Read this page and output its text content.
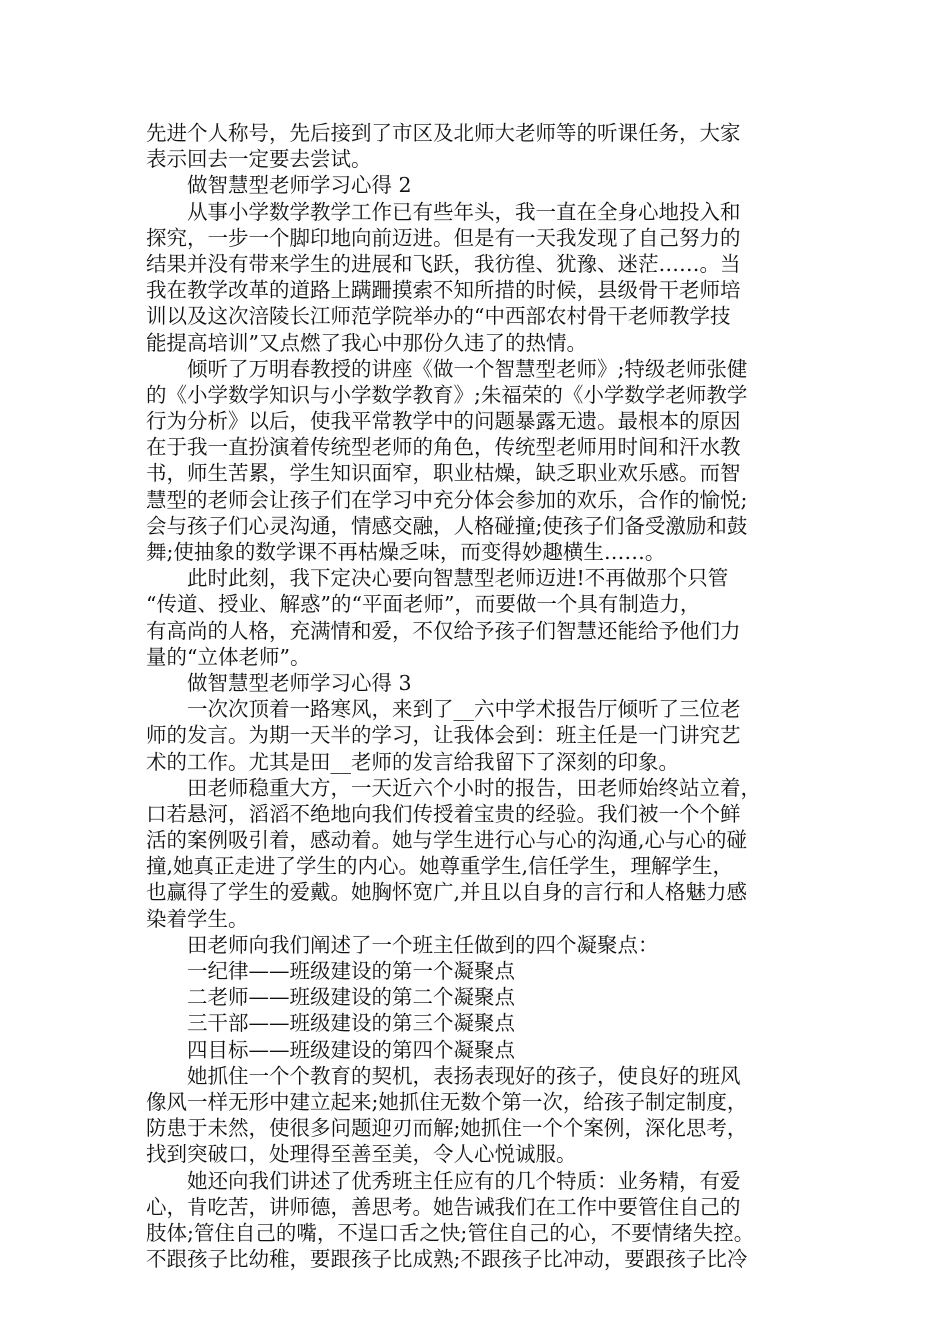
先进个人称号，先后接到了市区及北师大老师等的听课任务，大家
表示回去一定要去尝试。
做智慧型老师学习心得 2
从事小学数学教学工作已有些年头，我一直在全身心地投入和
探究，一步一个脚印地向前迈进。但是有一天我发现了自己努力的
结果并没有带来学生的进展和飞跃，我彷徨、犹豫、迷茫……。当
我在教学改革的道路上蹒跚摸索不知所措的时候，县级骨干老师培
训以及这次涪陵长江师范学院举办的“中西部农村骨干老师教学技
能提高培训”又点燃了我心中那份久违了的热情。
倾听了万明春教授的讲座《做一个智慧型老师》;特级老师张健
的《小学数学知识与小学数学教育》;朱福荣的《小学数学老师教学
行为分析》以后，使我平常教学中的问题暴露无遗。最根本的原因
在于我一直扮演着传统型老师的角色，传统型老师用时间和汗水教
书，师生苦累，学生知识面窄，职业枯燥，缺乏职业欢乐感。而智
慧型的老师会让孩子们在学习中充分体会参加的欢乐，合作的愉悦;
会与孩子们心灵沟通，情感交融，人格碰撞;使孩子们备受激励和鼓
舞;使抽象的数学课不再枯燥乏味，而变得妙趣横生……。
此时此刻，我下定决心要向智慧型老师迈进!不再做那个只管
“传道、授业、解惑”的“平面老师”，而要做一个具有制造力，
有高尚的人格，充满情和爱，不仅给予孩子们智慧还能给予他们力
量的“立体老师”。
做智慧型老师学习心得 3
一次次顶着一路寒风，来到了__六中学术报告厅倾听了三位老
师的发言。为期一天半的学习，让我体会到：班主任是一门讲究艺
术的工作。尤其是田__老师的发言给我留下了深刻的印象。
田老师稳重大方，一天近六个小时的报告，田老师始终站立着，
口若悬河，滔滔不绝地向我们传授着宝贵的经验。我们被一个个鲜
活的案例吸引着，感动着。她与学生进行心与心的沟通,心与心的碰
撞,她真正走进了学生的内心。她尊重学生,信任学生，理解学生，
也赢得了学生的爱戴。她胸怀宽广,并且以自身的言行和人格魅力感
染着学生。
田老师向我们阐述了一个班主任做到的四个凝聚点：
一纪律——班级建设的第一个凝聚点
二老师——班级建设的第二个凝聚点
三干部——班级建设的第三个凝聚点
四目标——班级建设的第四个凝聚点
她抓住一个个教育的契机，表扬表现好的孩子，使良好的班风
像风一样无形中建立起来;她抓住无数个第一次，给孩子制定制度，
防患于未然，使很多问题迎刃而解;她抓住一个个案例，深化思考，
找到突破口，处理得至善至美，令人心悦诚服。
她还向我们讲述了优秀班主任应有的几个特质：业务精，有爱
心，肯吃苦，讲师德，善思考。她告诫我们在工作中要管住自己的
肢体;管住自己的嘴，不逞口舌之快;管住自己的心，不要情绪失控。
不跟孩子比幼稚，要跟孩子比成熟;不跟孩子比冲动，要跟孩子比冷
